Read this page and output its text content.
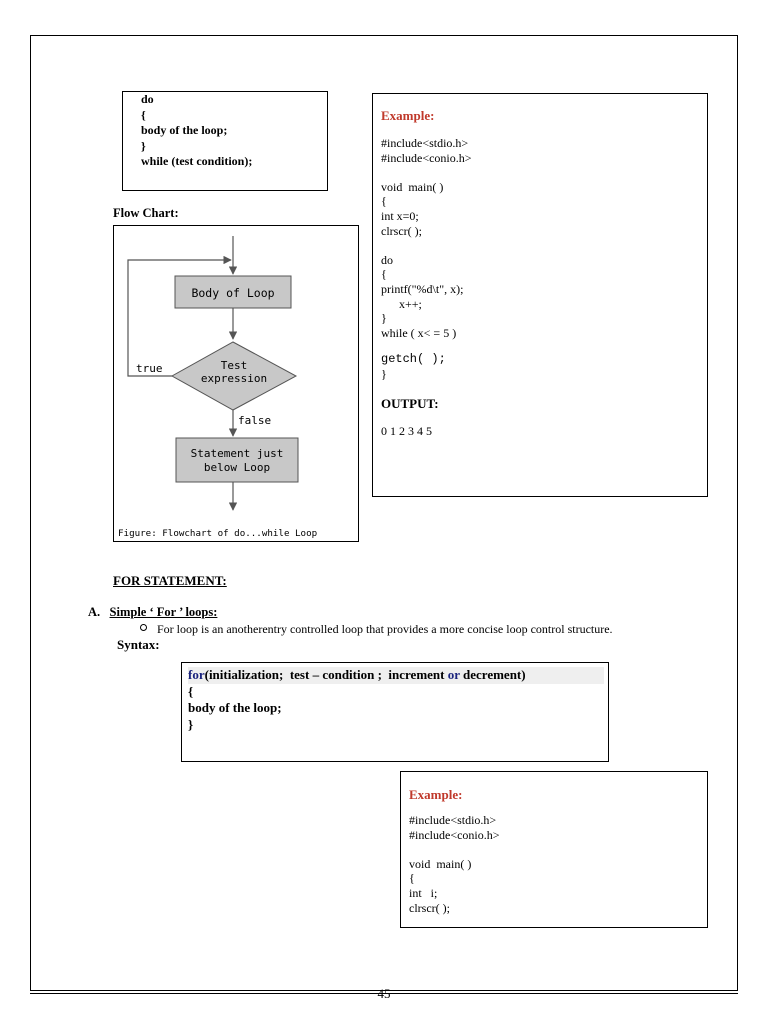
do
{
body of the loop;
}
while (test condition);
Flow Chart:
Body of Loop
Test
expression
true
false
Statement just
below Loop
Figure: Flowchart of do...while Loop
Example:
#include<stdio.h>
#include<conio.h>
void  main( )
{
int x=0;
clrscr( );
do
{
printf("%d\t", x);
x++;
}
while ( x< = 5 )
getch( );
}
OUTPUT:
0 1 2 3 4 5
FOR STATEMENT:
A. Simple ‘ For ’ loops:
For loop is an anotherentry controlled loop that provides a more concise loop control structure.
Syntax:
for(initialization;  test – condition ;  increment or decrement)
{
body of the loop;
}
Example:
#include<stdio.h>
#include<conio.h>
void  main( )
{
int   i;
clrscr( );
45
